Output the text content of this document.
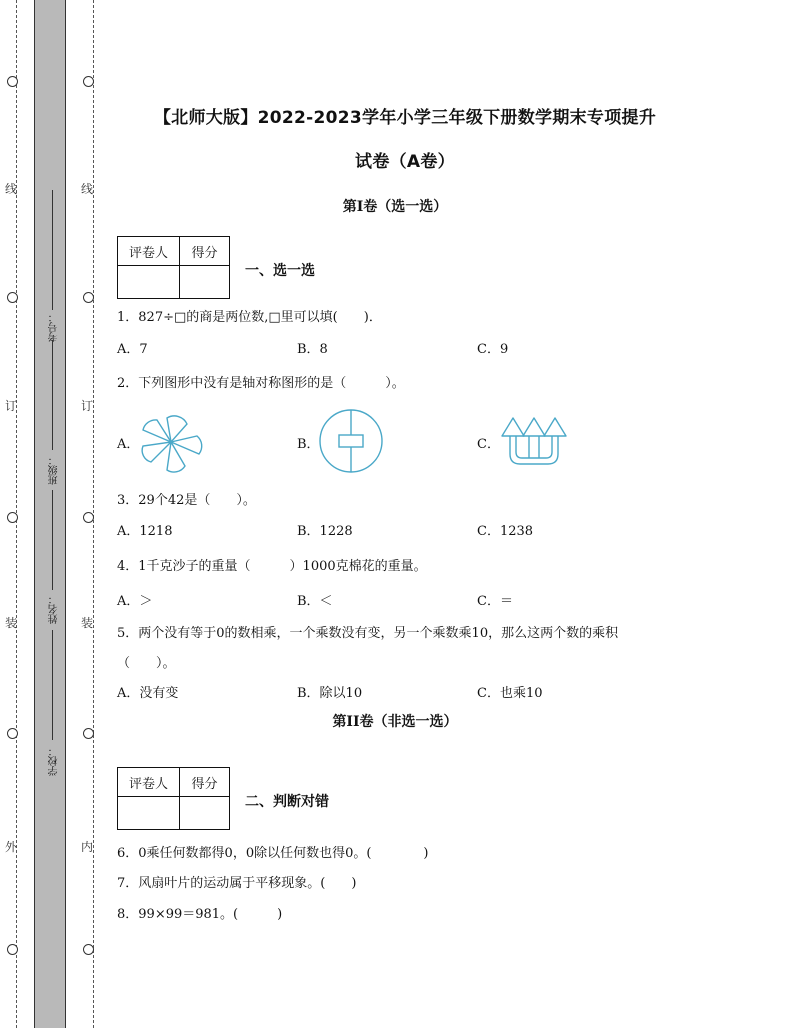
线
订
装
外
线
订
装
内
考号：
班级：
姓名：
学校：
【北师大版】2022-2023学年小学三年级下册数学期末专项提升
试卷（A卷）
第I卷（选一选）
评卷人	得分

一、选一选
1．827÷□的商是两位数,□里可以填(　　)．
A．7	B．8	C．9
2．下列图形中没有是轴对称图形的是（　　　）。
A．	B．	C．
3．29个42是（　　）。
A．1218	B．1228	C．1238
4．1千克沙子的重量（　　　）1000克棉花的重量。
A．＞	B．＜	C．＝
5．两个没有等于0的数相乘，一个乘数没有变，另一个乘数乘10，那么这两个数的乘积
（　　）。
A．没有变	B．除以10	C．也乘10
第II卷（非选一选）
评卷人	得分

二、判断对错
6．0乘任何数都得0，0除以任何数也得0。(　　　　)
7．风扇叶片的运动属于平移现象。(　　)
8．99×99＝981。(　　　)
